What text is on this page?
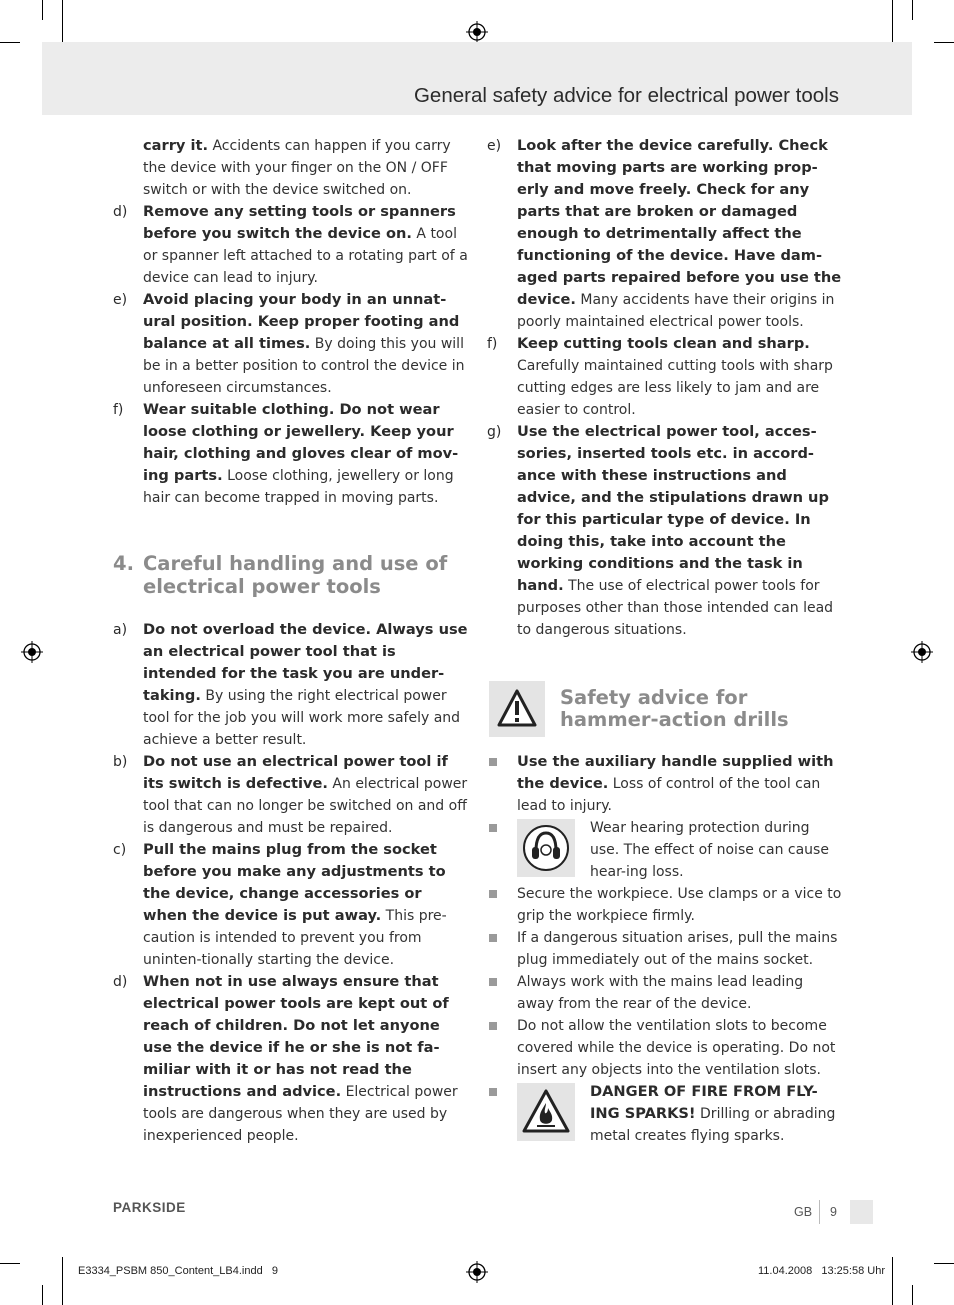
General safety advice for electrical power tools
carry it. Accidents can happen if you carry the device with your finger on the ON / OFF switch or with the device switched on.
d) Remove any setting tools or spanners before you switch the device on. A tool or spanner left attached to a rotating part of a device can lead to injury.
e) Avoid placing your body in an unnat-ural position. Keep proper footing and balance at all times. By doing this you will be in a better position to control the device in unforeseen circumstances.
f) Wear suitable clothing. Do not wear loose clothing or jewellery. Keep your hair, clothing and gloves clear of mov-ing parts. Loose clothing, jewellery or long hair can become trapped in moving parts.
4. Careful handling and use of electrical power tools
a) Do not overload the device. Always use an electrical power tool that is intended for the task you are under-taking. By using the right electrical power tool for the job you will work more safely and achieve a better result.
b) Do not use an electrical power tool if its switch is defective. An electrical power tool that can no longer be switched on and off is dangerous and must be repaired.
c) Pull the mains plug from the socket before you make any adjustments to the device, change accessories or when the device is put away. This pre-caution is intended to prevent you from uninten-tionally starting the device.
d) When not in use always ensure that electrical power tools are kept out of reach of children. Do not let anyone use the device if he or she is not fa-miliar with it or has not read the instructions and advice. Electrical power tools are dangerous when they are used by inexperienced people.
e) Look after the device carefully. Check that moving parts are working prop-erly and move freely. Check for any parts that are broken or damaged enough to detrimentally affect the functioning of the device. Have dam-aged parts repaired before you use the device. Many accidents have their origins in poorly maintained electrical power tools.
f) Keep cutting tools clean and sharp. Carefully maintained cutting tools with sharp cutting edges are less likely to jam and are easier to control.
g) Use the electrical power tool, acces-sories, inserted tools etc. in accord-ance with these instructions and advice, and the stipulations drawn up for this particular type of device. In doing this, take into account the working conditions and the task in hand. The use of electrical power tools for purposes other than those intended can lead to dangerous situations.
Safety advice for hammer-action drills
Use the auxiliary handle supplied with the device. Loss of control of the tool can lead to injury.
Wear hearing protection during use. The effect of noise can cause hear-ing loss.
Secure the workpiece. Use clamps or a vice to grip the workpiece firmly.
If a dangerous situation arises, pull the mains plug immediately out of the mains socket.
Always work with the mains lead leading away from the rear of the device.
Do not allow the ventilation slots to become covered while the device is operating. Do not insert any objects into the ventilation slots.
DANGER OF FIRE FROM FLY-ING SPARKS! Drilling or abrading metal creates flying sparks.
PARKSIDE	GB 9
E3334_PSBM 850_Content_LB4.indd   9	11.04.2008   13:25:58 Uhr
